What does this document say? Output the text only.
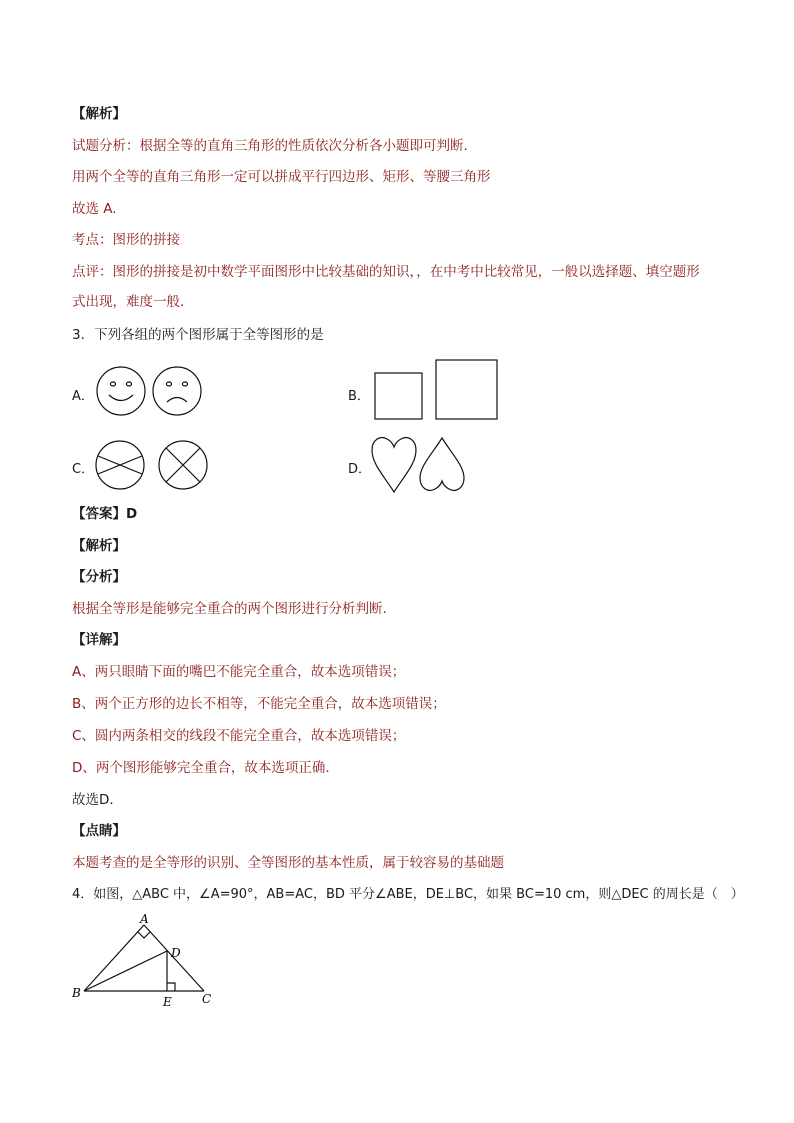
【解析】
试题分析：根据全等的直角三角形的性质依次分析各小题即可判断.
用两个全等的直角三角形一定可以拼成平行四边形、矩形、等腰三角形
故选 A.
考点：图形的拼接
点评：图形的拼接是初中数学平面图形中比较基础的知识，，在中考中比较常见，一般以选择题、填空题形
式出现，难度一般.
3．下列各组的两个图形属于全等图形的是
A．	B．
C．	D．
【答案】D
【解析】
【分析】
根据全等形是能够完全重合的两个图形进行分析判断.
【详解】
A、两只眼睛下面的嘴巴不能完全重合，故本选项错误；
B、两个正方形的边长不相等，不能完全重合，故本选项错误；
C、圆内两条相交的线段不能完全重合，故本选项错误；
D、两个图形能够完全重合，故本选项正确.
故选D.
【点睛】
本题考查的是全等形的识别、全等图形的基本性质，属于较容易的基础题
4．如图，△ABC 中，∠A=90°，AB=AC，BD 平分∠ABE，DE⊥BC，如果 BC=10 cm，则△DEC 的周长是（　）
A
B	C
D
E
